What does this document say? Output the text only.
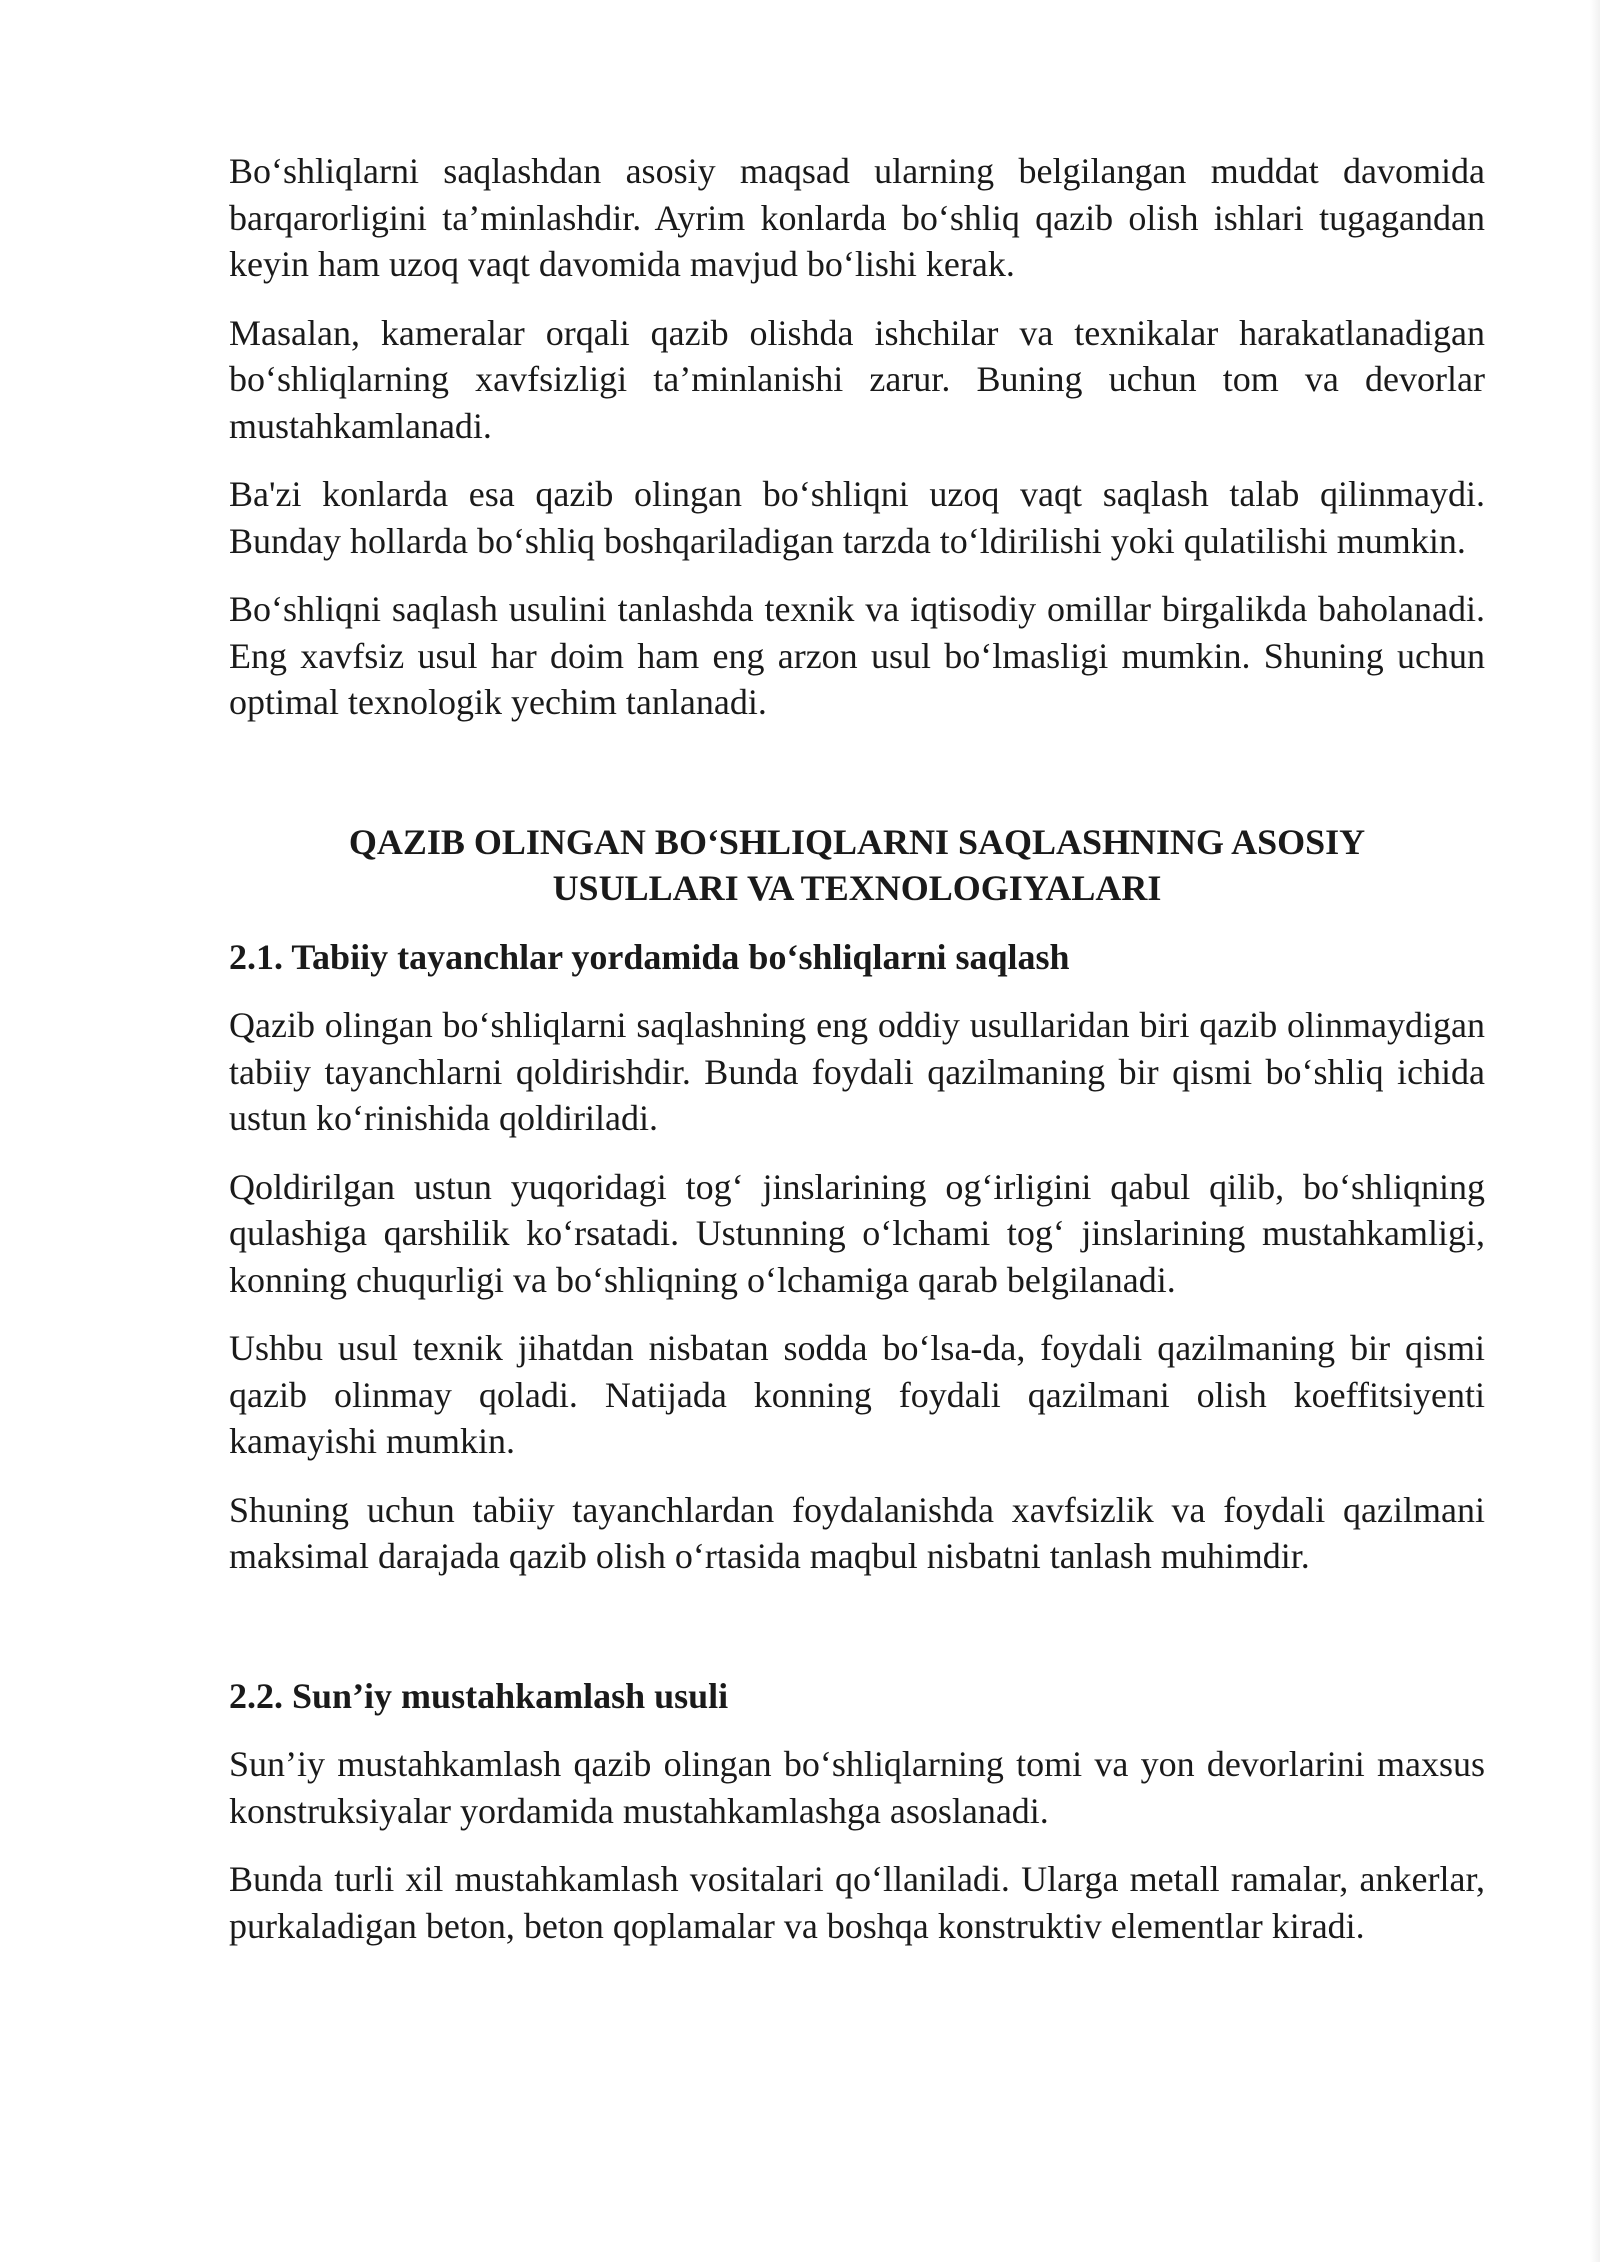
Bo‘shliqlarni saqlashdan asosiy maqsad ularning belgilangan muddat davomida barqarorligini ta’minlashdir. Ayrim konlarda bo‘shliq qazib olish ishlari tugagandan keyin ham uzoq vaqt davomida mavjud bo‘lishi kerak.

Masalan, kameralar orqali qazib olishda ishchilar va texnikalar harakatlanadigan bo‘shliqlarning xavfsizligi ta’minlanishi zarur. Buning uchun tom va devorlar mustahkamlanadi.

Ba'zi konlarda esa qazib olingan bo‘shliqni uzoq vaqt saqlash talab qilinmaydi. Bunday hollarda bo‘shliq boshqariladigan tarzda to‘ldirilishi yoki qulatilishi mumkin.

Bo‘shliqni saqlash usulini tanlashda texnik va iqtisodiy omillar birgalikda baholanadi. Eng xavfsiz usul har doim ham eng arzon usul bo‘lmasligi mumkin. Shuning uchun optimal texnologik yechim tanlanadi.

QAZIB OLINGAN BO‘SHLIQLARNI SAQLASHNING ASOSIY
USULLARI VA TEXNOLOGIYALARI
2.1. Tabiiy tayanchlar yordamida bo‘shliqlarni saqlash

Qazib olingan bo‘shliqlarni saqlashning eng oddiy usullaridan biri qazib olinmaydigan tabiiy tayanchlarni qoldirishdir. Bunda foydali qazilmaning bir qismi bo‘shliq ichida ustun ko‘rinishida qoldiriladi.

Qoldirilgan ustun yuqoridagi tog‘ jinslarining og‘irligini qabul qilib, bo‘shliqning qulashiga qarshilik ko‘rsatadi. Ustunning o‘lchami tog‘ jinslarining mustahkamligi, konning chuqurligi va bo‘shliqning o‘lchamiga qarab belgilanadi.

Ushbu usul texnik jihatdan nisbatan sodda bo‘lsa-da, foydali qazilmaning bir qismi qazib olinmay qoladi. Natijada konning foydali qazilmani olish koeffitsiyenti kamayishi mumkin.

Shuning uchun tabiiy tayanchlardan foydalanishda xavfsizlik va foydali qazilmani maksimal darajada qazib olish o‘rtasida maqbul nisbatni tanlash muhimdir.

2.2. Sun’iy mustahkamlash usuli

Sun’iy mustahkamlash qazib olingan bo‘shliqlarning tomi va yon devorlarini maxsus konstruksiyalar yordamida mustahkamlashga asoslanadi.

Bunda turli xil mustahkamlash vositalari qo‘llaniladi. Ularga metall ramalar, ankerlar, purkaladigan beton, beton qoplamalar va boshqa konstruktiv elementlar kiradi.
